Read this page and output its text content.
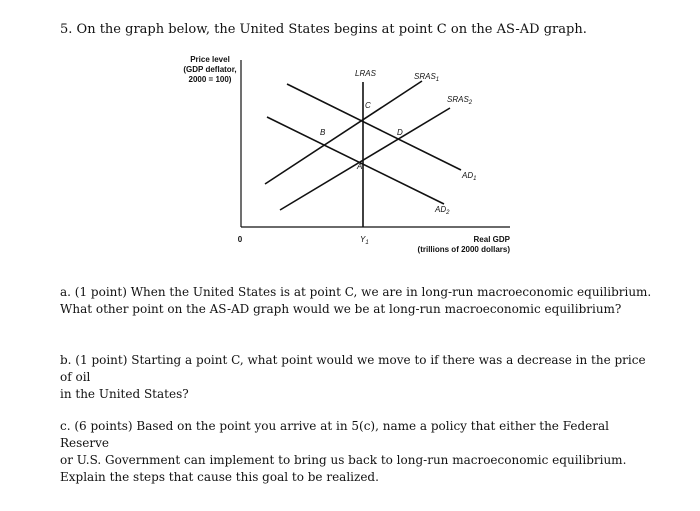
5. On the graph below, the United States begins at point C on the AS-AD graph.
Price level
(GDP deflator,
2000 = 100)
0
LRAS	$SRAS_1$
$SRAS_2$
$AD_1$
$AD_2$
C
B	D
A
$Y_1$	Real GDP
(trillions of 2000 dollars)

a. (1 point) When the United States is at point C, we are in long-run macroeconomic equilibrium.

What other point on the AS-AD graph would we be at long-run macroeconomic equilibrium?

b. (1 point) Starting a point C, what point would we move to if there was a decrease in the price of oil

in the United States?

c. (6 points) Based on the point you arrive at in 5(c), name a policy that either the Federal Reserve

or U.S. Government can implement to bring us back to long-run macroeconomic equilibrium.

Explain the steps that cause this goal to be realized.
